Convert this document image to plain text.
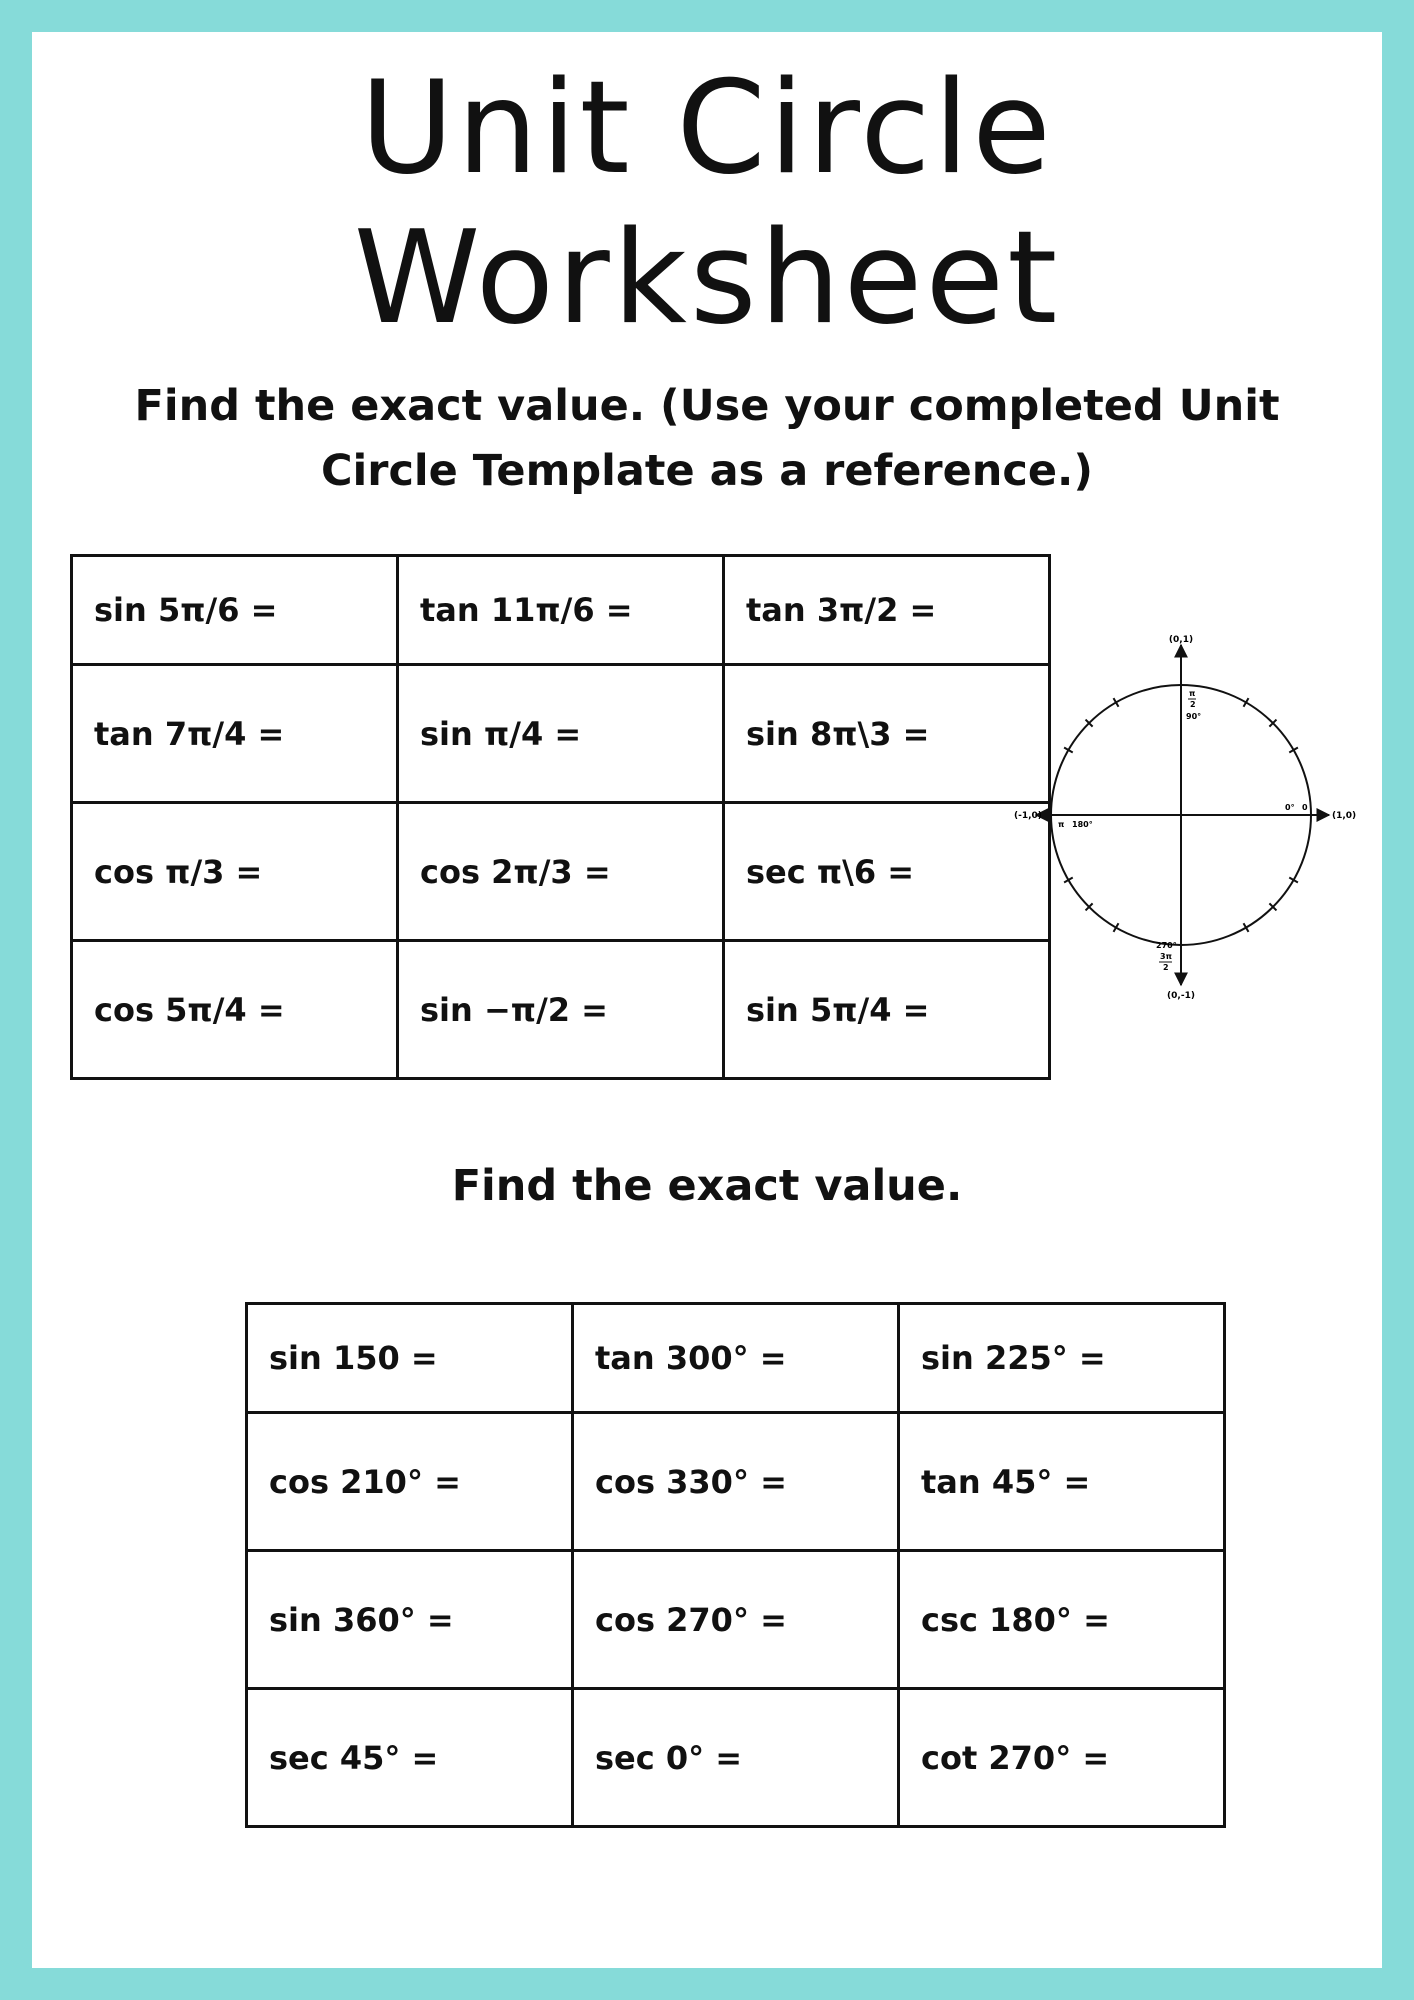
Unit Circle
Worksheet

Find the exact value. (Use your completed Unit
Circle Template as a reference.)

sin 5π/6 =	tan 11π/6 =	tan 3π/2 =
tan 7π/4 =	sin π/4 =	sin 8π\3 =
cos π/3 =	cos 2π/3 =	sec π\6 =
cos 5π/4 =	sin −π/2 =	sin 5π/4 =
(0,1)
(0,-1)
(-1,0)	(1,0)
π
2
90°
0° 0
π 180°
270°
3π
2

Find the exact value.

sin 150 =	tan 300° =	sin 225° =
cos 210° =	cos 330° =	tan 45° =
sin 360° =	cos 270° =	csc 180° =
sec 45° =	sec 0° =	cot 270° =
